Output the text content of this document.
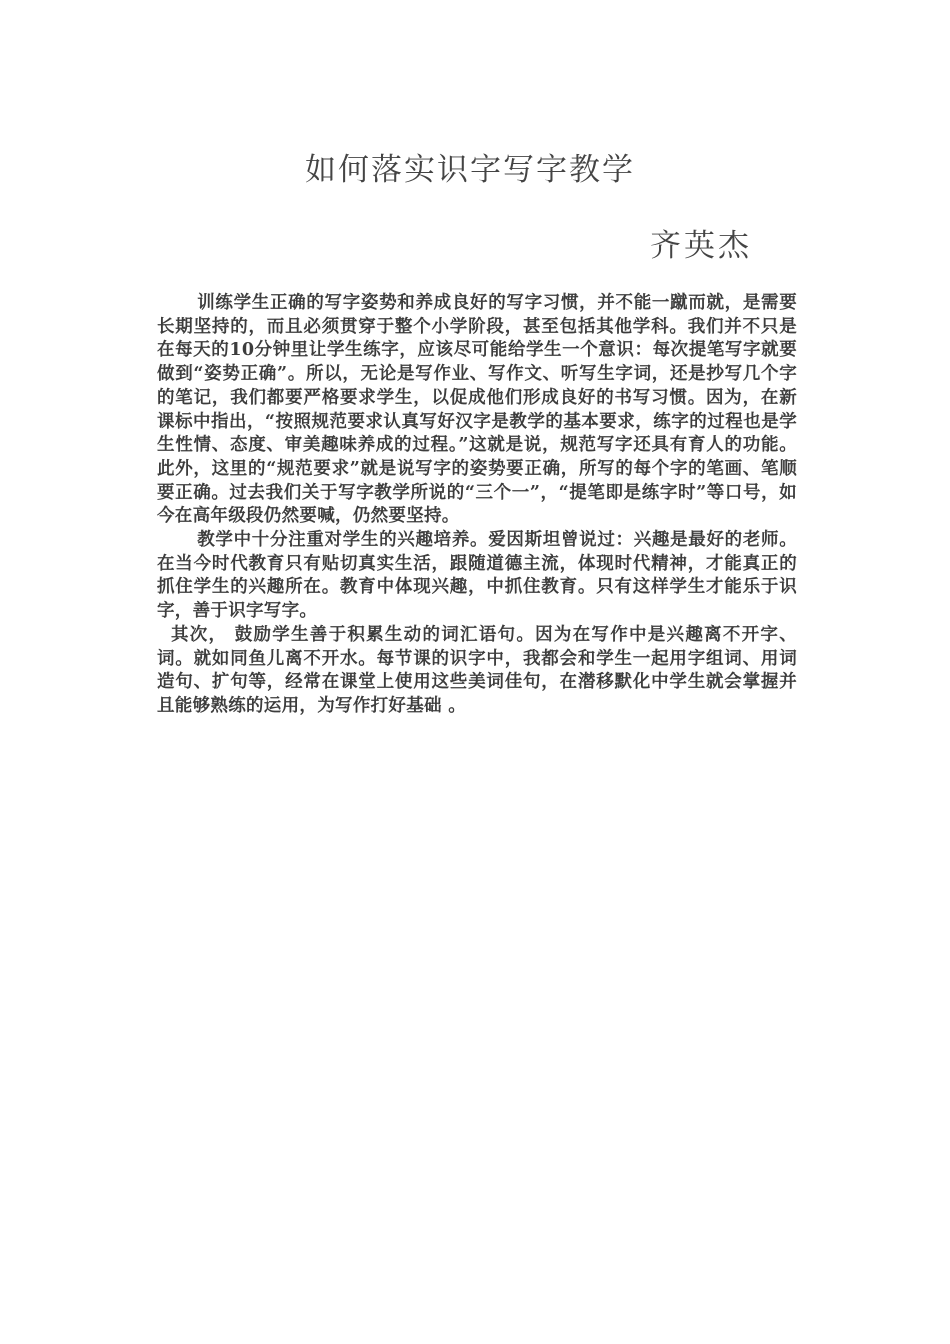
如何落实识字写字教学
齐英杰

训练学生正确的写字姿势和养成良好的写字习惯，并不能一蹴而就，是需要长期坚持的，而且必须贯穿于整个小学阶段，甚至包括其他学科。我们并不只是在每天的10分钟里让学生练字，应该尽可能给学生一个意识：每次提笔写字就要做到“姿势正确”。所以，无论是写作业、写作文、听写生字词，还是抄写几个字的笔记，我们都要严格要求学生，以促成他们形成良好的书写习惯。因为，在新课标中指出，“按照规范要求认真写好汉字是教学的基本要求，练字的过程也是学生性情、态度、审美趣味养成的过程。”这就是说，规范写字还具有育人的功能。此外，这里的“规范要求”就是说写字的姿势要正确，所写的每个字的笔画、笔顺要正确。过去我们关于写字教学所说的“三个一”，“提笔即是练字时”等口号，如今在高年级段仍然要喊，仍然要坚持。

教学中十分注重对学生的兴趣培养。爱因斯坦曾说过：兴趣是最好的老师。在当今时代教育只有贴切真实生活，跟随道德主流，体现时代精神，才能真正的抓住学生的兴趣所在。教育中体现兴趣，中抓住教育。只有这样学生才能乐于识字，善于识字写字。

其次， 鼓励学生善于积累生动的词汇语句。因为在写作中是兴趣离不开字、词。就如同鱼儿离不开水。每节课的识字中，我都会和学生一起用字组词、用词造句、扩句等，经常在课堂上使用这些美词佳句，在潜移默化中学生就会掌握并且能够熟练的运用，为写作打好基础 。
